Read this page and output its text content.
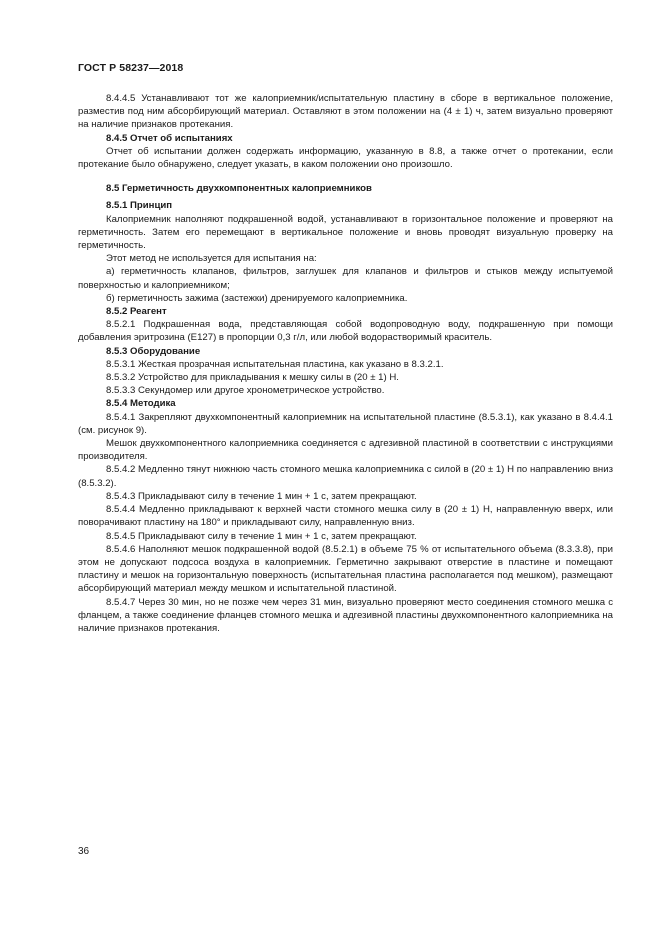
ГОСТ Р 58237—2018

8.4.4.5 Устанавливают тот же калоприемник/испытательную пластину в сборе в вертикальное положение, разместив под ним абсорбирующий материал. Оставляют в этом положении на (4 ± 1) ч, затем визуально проверяют на наличие признаков протекания.

8.4.5 Отчет об испытаниях

Отчет об испытании должен содержать информацию, указанную в 8.8, а также отчет о протекании, если протекание было обнаружено, следует указать, в каком положении оно произошло.

8.5 Герметичность двухкомпонентных калоприемников

8.5.1 Принцип

Калоприемник наполняют подкрашенной водой, устанавливают в горизонтальное положение и проверяют на герметичность. Затем его перемещают в вертикальное положение и вновь проводят визуальную проверку на герметичность.

Этот метод не используется для испытания на:

а) герметичность клапанов, фильтров, заглушек для клапанов и фильтров и стыков между испытуемой поверхностью и калоприемником;

б) герметичность зажима (застежки) дренируемого калоприемника.

8.5.2 Реагент

8.5.2.1 Подкрашенная вода, представляющая собой водопроводную воду, подкрашенную при помощи добавления эритрозина (Е127) в пропорции 0,3 г/л, или любой водорастворимый краситель.

8.5.3 Оборудование

8.5.3.1 Жесткая прозрачная испытательная пластина, как указано в 8.3.2.1.

8.5.3.2 Устройство для прикладывания к мешку силы в (20 ± 1) Н.

8.5.3.3 Секундомер или другое хронометрическое устройство.

8.5.4 Методика

8.5.4.1 Закрепляют двухкомпонентный калоприемник на испытательной пластине (8.5.3.1), как указано в 8.4.4.1 (см. рисунок 9).

Мешок двухкомпонентного калоприемника соединяется с адгезивной пластиной в соответствии с инструкциями производителя.

8.5.4.2 Медленно тянут нижнюю часть стомного мешка калоприемника с силой в (20 ± 1) Н по направлению вниз (8.5.3.2).

8.5.4.3 Прикладывают силу в течение 1 мин + 1 с, затем прекращают.

8.5.4.4 Медленно прикладывают к верхней части стомного мешка силу в (20 ± 1) Н, направленную вверх, или поворачивают пластину на 180° и прикладывают силу, направленную вниз.

8.5.4.5 Прикладывают силу в течение 1 мин + 1 с, затем прекращают.

8.5.4.6 Наполняют мешок подкрашенной водой (8.5.2.1) в объеме 75 % от испытательного объема (8.3.3.8), при этом не допускают подсоса воздуха в калоприемник. Герметично закрывают отверстие в пластине и помещают пластину и мешок на горизонтальную поверхность (испытательная пластина располагается под мешком), размещают абсорбирующий материал между мешком и испытательной пластиной.

8.5.4.7 Через 30 мин, но не позже чем через 31 мин, визуально проверяют место соединения стомного мешка с фланцем, а также соединение фланцев стомного мешка и адгезивной пластины двухкомпонентного калоприемника на наличие признаков протекания.

36
